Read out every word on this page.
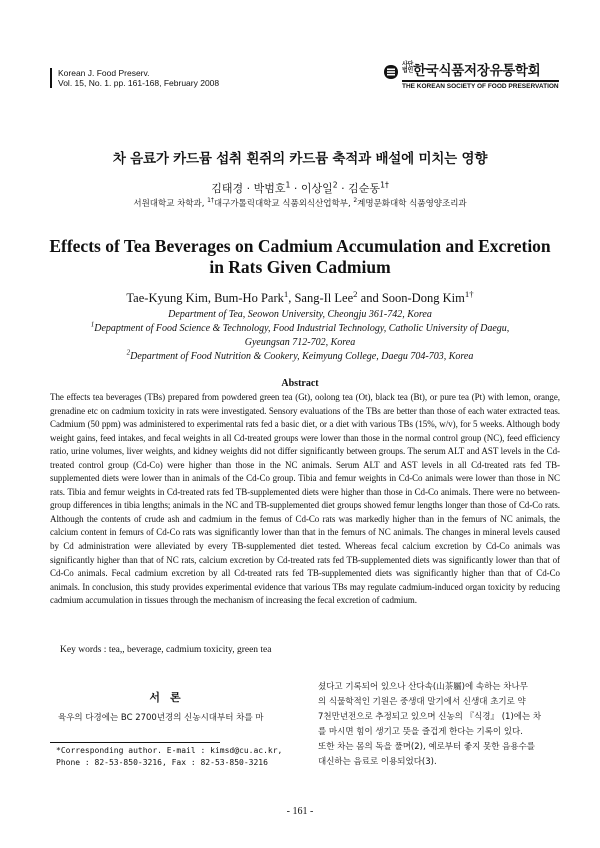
Korean J. Food Preserv.
Vol. 15, No. 1. pp. 161-168, February 2008
사단
법인한국식품저장유통학회
THE KOREAN SOCIETY OF FOOD PRESERVATION
차 음료가 카드뮴 섭취 흰쥐의 카드뮴 축적과 배설에 미치는 영향
김태경 · 박범호$^1$ · 이상일$^2$ · 김순동$^{1\dagger}$
서원대학교 차학과, $^{1\dagger}$대구가톨릭대학교 식품외식산업학부, $^2$계명문화대학 식품영양조리과
Effects of Tea Beverages on Cadmium Accumulation and Excretion in Rats Given Cadmium
Tae-Kyung Kim, Bum-Ho Park$^1$, Sang-Il Lee$^2$ and Soon-Dong Kim$^{1\dagger}$
Department of Tea, Seowon University, Cheongju 361-742, Korea
$^1$Depaptment of Food Science & Technology, Food Industrial Technology, Catholic University of Daegu,
Gyeungsan 712-702, Korea
$^2$Department of Food Nutrition & Cookery, Keimyung College, Daegu 704-703, Korea
Abstract
The effects tea beverages (TBs) prepared from powdered green tea (Gt), oolong tea (Ot), black tea (Bt), or pure tea (Pt) with lemon, orange, grenadine etc on cadmium toxicity in rats were investigated. Sensory evaluations of the TBs are better than those of each water extracted teas. Cadmium (50 ppm) was administered to experimental rats fed a basic diet, or a diet with various TBs (15%, w/v), for 5 weeks. Although body weight gains, feed intakes, and fecal weights in all Cd-treated groups were lower than those in the normal control group (NC), feed efficiency ratio, urine volumes, liver weights, and kidney weights did not differ significantly between groups. The serum ALT and AST levels in the Cd-treated control group (Cd-Co) were higher than those in the NC animals. Serum ALT and AST levels in all Cd-treated rats fed TB-supplemented diets were lower than in animals of the Cd-Co group. Tibia and femur weights in Cd-Co animals were lower than those in NC rats. Tibia and femur weights in Cd-treated rats fed TB-supplemented diets were higher than those in Cd-Co animals. There were no between-group differences in tibia lengths; animals in the NC and TB-supplemented diet groups showed femur lengths longer than those of Cd-Co rats. Although the contents of crude ash and cadmium in the femus of Cd-Co rats was markedly higher than in the femurs of NC animals, the calcium content in femurs of Cd-Co rats was significantly lower than that in the femurs of NC animals. The changes in mineral levels caused by Cd administration were alleviated by every TB-supplemented diet tested. Whereas fecal calcium excretion by Cd-Co animals was significantly higher than that of NC rats, calcium excretion by Cd-treated rats fed TB-supplemented diets was significantly lower than that of Cd-Co animals. Fecal cadmium excretion by all Cd-treated rats fed TB-supplemented diets was significantly higher than that of Cd-Co animals. In conclusion, this study provides experimental evidence that various TBs may regulate cadmium-induced organ toxicity by reducing cadmium accumulation in tissues through the mechanism of increasing the fecal excretion of cadmium.
Key words : tea,, beverage, cadmium toxicity, green tea
서론
육우의 다경에는 BC 2700년경의 신농시대부터 차를 마
셨다고 기록되어 있으나 산다속(山茶屬)에 속하는 차나무
의 식물학적인 기원은 중생대 말기에서 신생대 초기로 약
7천만년전으로 추정되고 있으며 신농의 『식경』 (1)에는 차
를 마시면 힘이 생기고 뜻을 즐겁게 한다는 기록이 있다.
또한 차는 몸의 독을 풀며(2), 예로부터 좋지 못한 음용수를
대신하는 음료로 이용되었다(3).
*Corresponding author. E-mail : kimsd@cu.ac.kr,
Phone : 82-53-850-3216, Fax : 82-53-850-3216
- 161 -
